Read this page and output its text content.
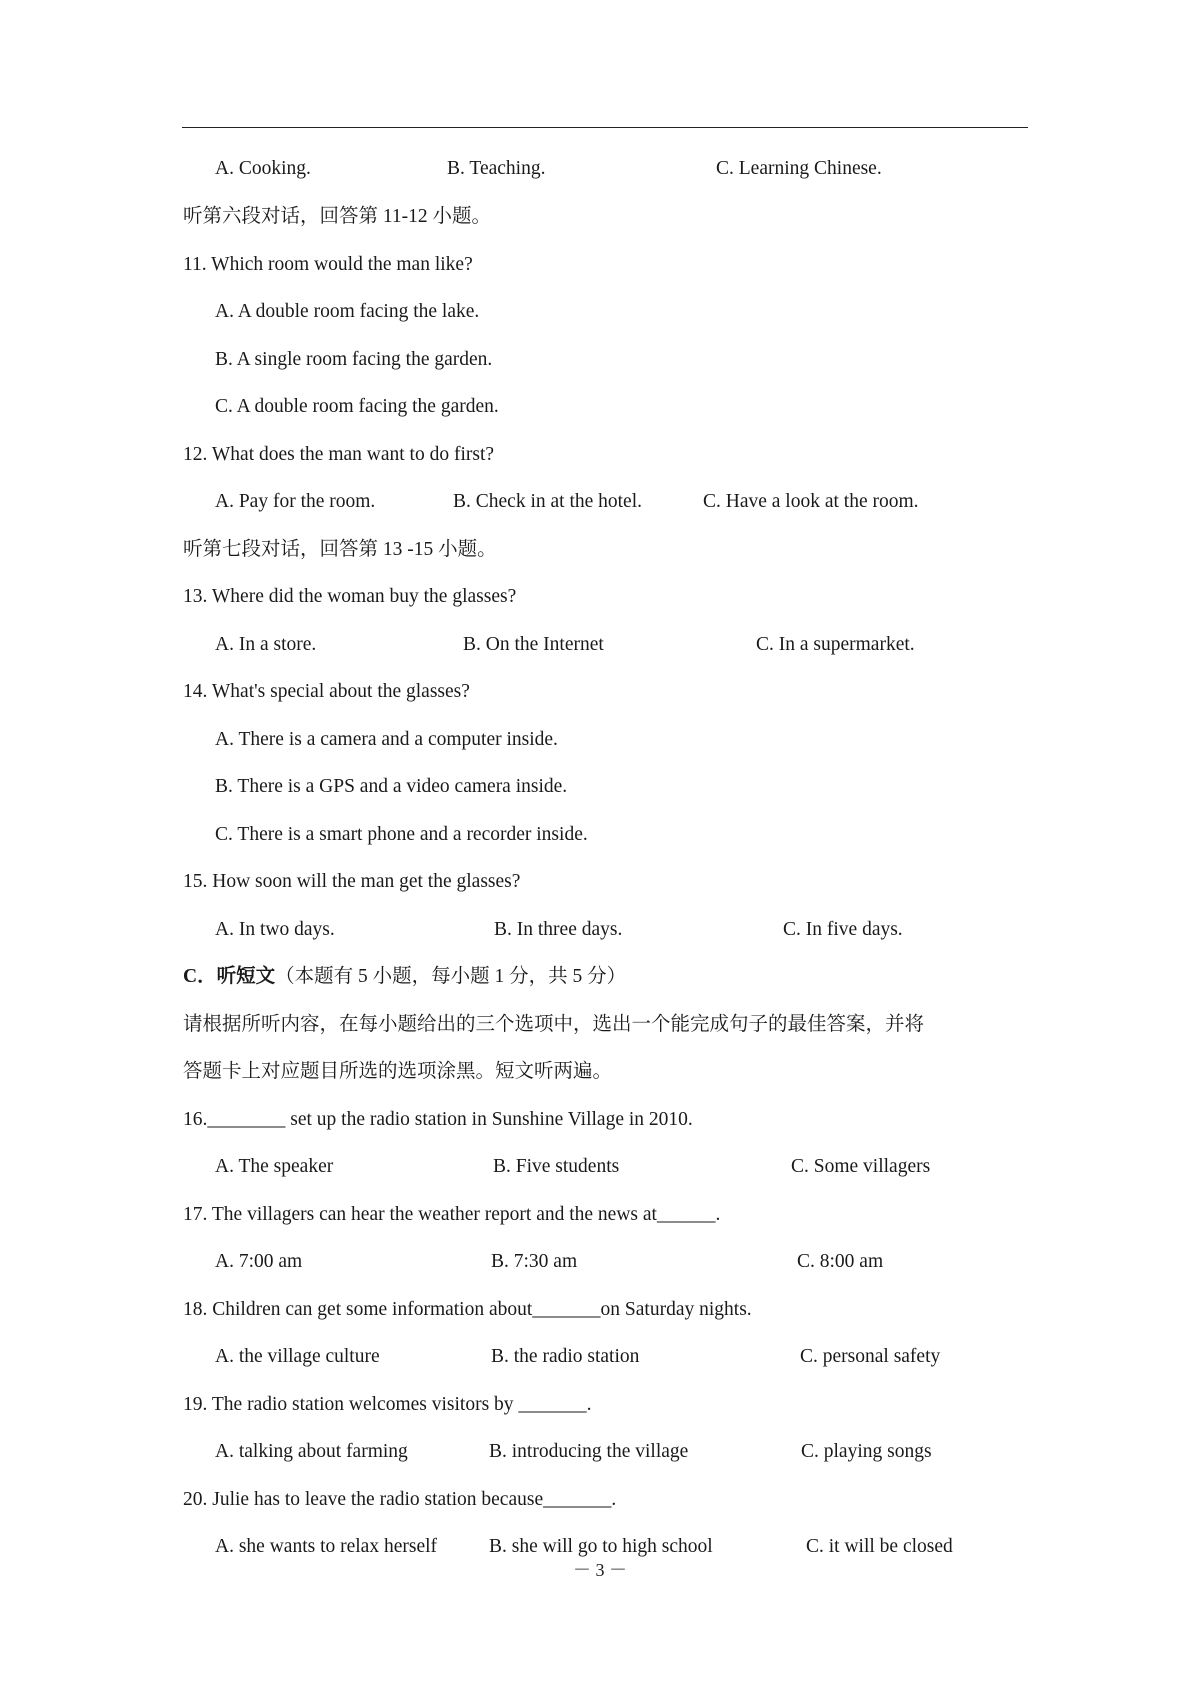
A. Cooking.	B. Teaching.	C. Learning Chinese.
听第六段对话，回答第 11-12 小题。
11. Which room would the man like?
A. A double room facing the lake.
B. A single room facing the garden.
C. A double room facing the garden.
12. What does the man want to do first?
A. Pay for the room.	B. Check in at the hotel.	C. Have a look at the room.
听第七段对话，回答第 13 -15 小题。
13. Where did the woman buy the glasses?
A. In a store.	B. On the Internet	C. In a supermarket.
14. What's special about the glasses?
A. There is a camera and a computer inside.
B. There is a GPS and a video camera inside.
C. There is a smart phone and a recorder inside.
15. How soon will the man get the glasses?
A. In two days.	B. In three days.	C. In five days.
C．听短文（本题有 5 小题，每小题 1 分，共 5 分）
请根据所听内容，在每小题给出的三个选项中，选出一个能完成句子的最佳答案，并将
答题卡上对应题目所选的选项涂黑。短文听两遍。
16.________ set up the radio station in Sunshine Village in 2010.
A. The speaker	B. Five students	C. Some villagers
17. The villagers can hear the weather report and the news at______.
A. 7:00 am	B. 7:30 am	C. 8:00 am
18. Children can get some information about_______on Saturday nights.
A. the village culture	B. the radio station	C. personal safety
19. The radio station welcomes visitors by _______.
A. talking about farming	B. introducing the village	C. playing songs
20. Julie has to leave the radio station because_______.
A. she wants to relax herself	B. she will go to high school	C. it will be closed
－ 3 －
